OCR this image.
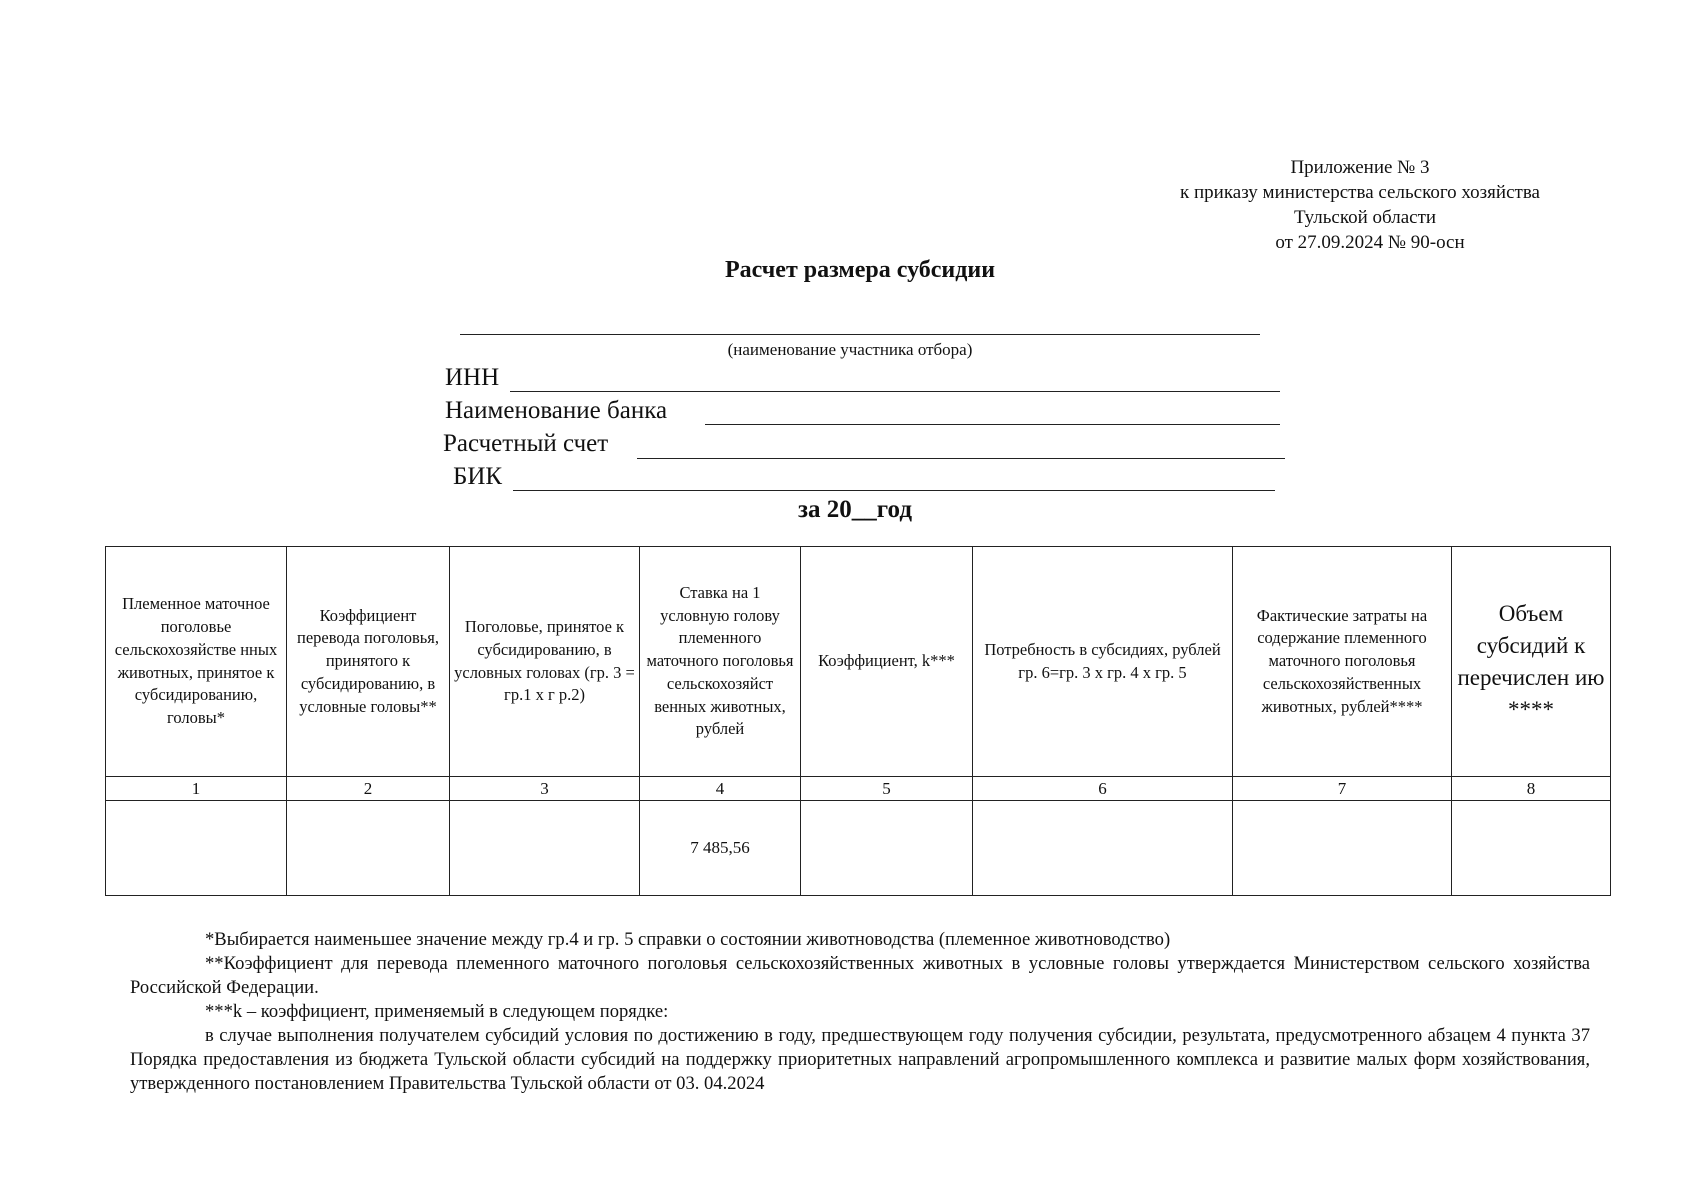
Приложение № 3
к приказу министерства сельского хозяйства
Тульской области
от 27.09.2024 № 90-осн
Расчет размера субсидии
(наименование участника отбора)
ИНН
Наименование банка
Расчетный счет
БИК
за 20__год
Племенное маточное поголовье сельскохозяйстве нных животных, принятое к субсидированию, головы*	Коэффициент перевода поголовья, принятого к субсидированию, в условные головы**	Поголовье, принятое к субсидированию, в условных головах (гр. 3 = гр.1 х г р.2)	Ставка на 1 условную голову племенного маточного поголовья сельскохозяйст венных животных, рублей	Коэффициент, k***	Потребность в субсидиях, рублей гр. 6=гр. 3 х гр. 4 х гр. 5	Фактические затраты на содержание племенного маточного поголовья сельскохозяйственных животных, рублей****	Объем субсидий к перечислен ию ****
1	2	3	4	5	6	7	8
			7 485,56				

*Выбирается наименьшее значение между гр.4 и гр. 5 справки о состоянии животноводства (племенное животноводство)

**Коэффициент для перевода племенного маточного поголовья сельскохозяйственных животных в условные головы утверждается Министерством сельского хозяйства Российской Федерации.

***k – коэффициент, применяемый в следующем порядке:

в случае выполнения получателем субсидий условия по достижению в году, предшествующем году получения субсидии, результата, предусмотренного абзацем 4 пункта 37 Порядка предоставления из бюджета Тульской области субсидий на поддержку приоритетных направлений агропромышленного комплекса и развитие малых форм хозяйствования, утвержденного постановлением Правительства Тульской области от 03. 04.2024
